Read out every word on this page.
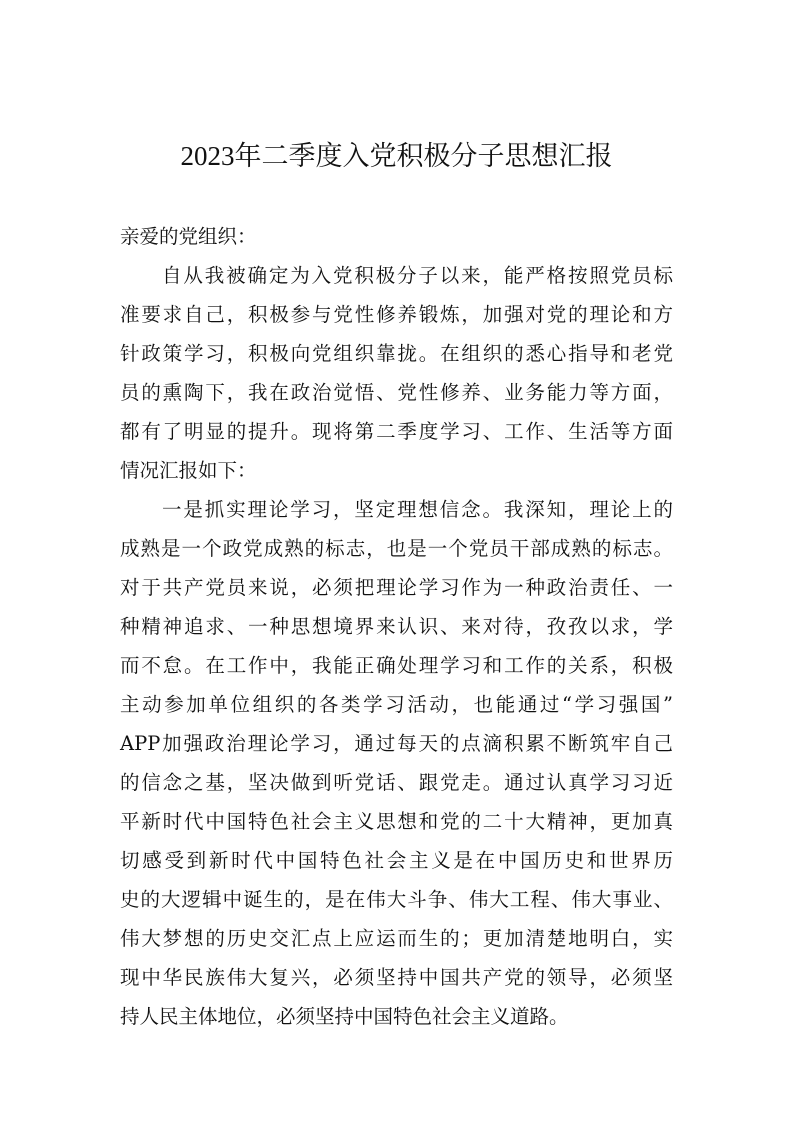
2023年二季度入党积极分子思想汇报
亲爱的党组织：
自从我被确定为入党积极分子以来，能严格按照党员标
准要求自己，积极参与党性修养锻炼，加强对党的理论和方
针政策学习，积极向党组织靠拢。在组织的悉心指导和老党
员的熏陶下，我在政治觉悟、党性修养、业务能力等方面，
都有了明显的提升。现将第二季度学习、工作、生活等方面
情况汇报如下：
一是抓实理论学习，坚定理想信念。我深知，理论上的
成熟是一个政党成熟的标志，也是一个党员干部成熟的标志。
对于共产党员来说，必须把理论学习作为一种政治责任、一
种精神追求、一种思想境界来认识、来对待，孜孜以求，学
而不怠。在工作中，我能正确处理学习和工作的关系，积极
主动参加单位组织的各类学习活动，也能通过“学习强国”
APP加强政治理论学习，通过每天的点滴积累不断筑牢自己
的信念之基，坚决做到听党话、跟党走。通过认真学习习近
平新时代中国特色社会主义思想和党的二十大精神，更加真
切感受到新时代中国特色社会主义是在中国历史和世界历
史的大逻辑中诞生的，是在伟大斗争、伟大工程、伟大事业、
伟大梦想的历史交汇点上应运而生的；更加清楚地明白，实
现中华民族伟大复兴，必须坚持中国共产党的领导，必须坚
持人民主体地位，必须坚持中国特色社会主义道路。
